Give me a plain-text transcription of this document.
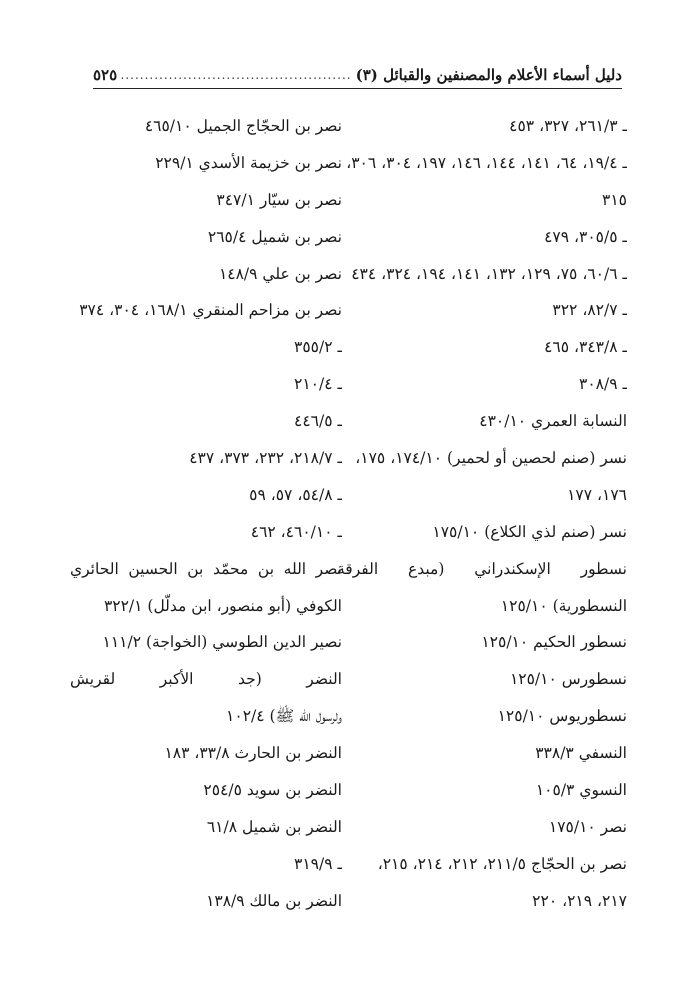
دليل أسماء الأعلام والمصنفين والقبائل (٣)
.....
٥٢٥
ـ ٢٦١/٣، ٣٢٧، ٤٥٣
ـ ١٩/٤، ٦٤، ١٤١، ١٤٤، ١٤٦، ١٩٧، ٣٠٤، ٣٠٦،
٣١٥
ـ ٣٠٥/٥، ٤٧٩
ـ ٦٠/٦، ٧٥، ١٢٩، ١٣٢، ١٤١، ١٩٤، ٣٢٤، ٤٣٤
ـ ٨٢/٧، ٣٢٢
ـ ٣٤٣/٨، ٤٦٥
ـ ٣٠٨/٩
النسابة العمري ٤٣٠/١٠
نسر (صنم لحصين أو لحمير) ١٧٤/١٠، ١٧٥،
١٧٦، ١٧٧
نسر (صنم لذي الكلاع) ١٧٥/١٠
نسطور الإسكندراني (مبدع الفرقة
النسطورية) ١٢٥/١٠
نسطور الحكيم ١٢٥/١٠
نسطورس ١٢٥/١٠
نسطوريوس ١٢٥/١٠
النسفي ٣٣٨/٣
النسوي ١٠٥/٣
نصر ١٧٥/١٠
نصر بن الحجّاج ٢١١/٥، ٢١٢، ٢١٤، ٢١٥،
٢١٧، ٢١٩، ٢٢٠
نصر بن الحجّاج الجميل ٤٦٥/١٠
نصر بن خزيمة الأسدي ٢٢٩/١
نصر بن سيّار ٣٤٧/١
نصر بن شميل ٢٦٥/٤
نصر بن علي ١٤٨/٩
نصر بن مزاحم المنقري ١٦٨/١، ٣٠٤، ٣٧٤
ـ ٣٥٥/٢
ـ ٢١٠/٤
ـ ٤٤٦/٥
ـ ٢١٨/٧، ٢٣٢، ٣٧٣، ٤٣٧
ـ ٥٤/٨، ٥٧، ٥٩
ـ ٤٦٠/١٠، ٤٦٢
نصر الله بن محمّد بن الحسين الحائري
الكوفي (أبو منصور، ابن مدلّل) ٣٢٢/١
نصير الدين الطوسي (الخواجة) ١١١/٢
النضر (جد الأكبر لقريش
ولرسول الله ﷺ) ١٠٢/٤
النضر بن الحارث ٣٣/٨، ١٨٣
النضر بن سويد ٢٥٤/٥
النضر بن شميل ٦١/٨
ـ ٣١٩/٩
النضر بن مالك ١٣٨/٩
